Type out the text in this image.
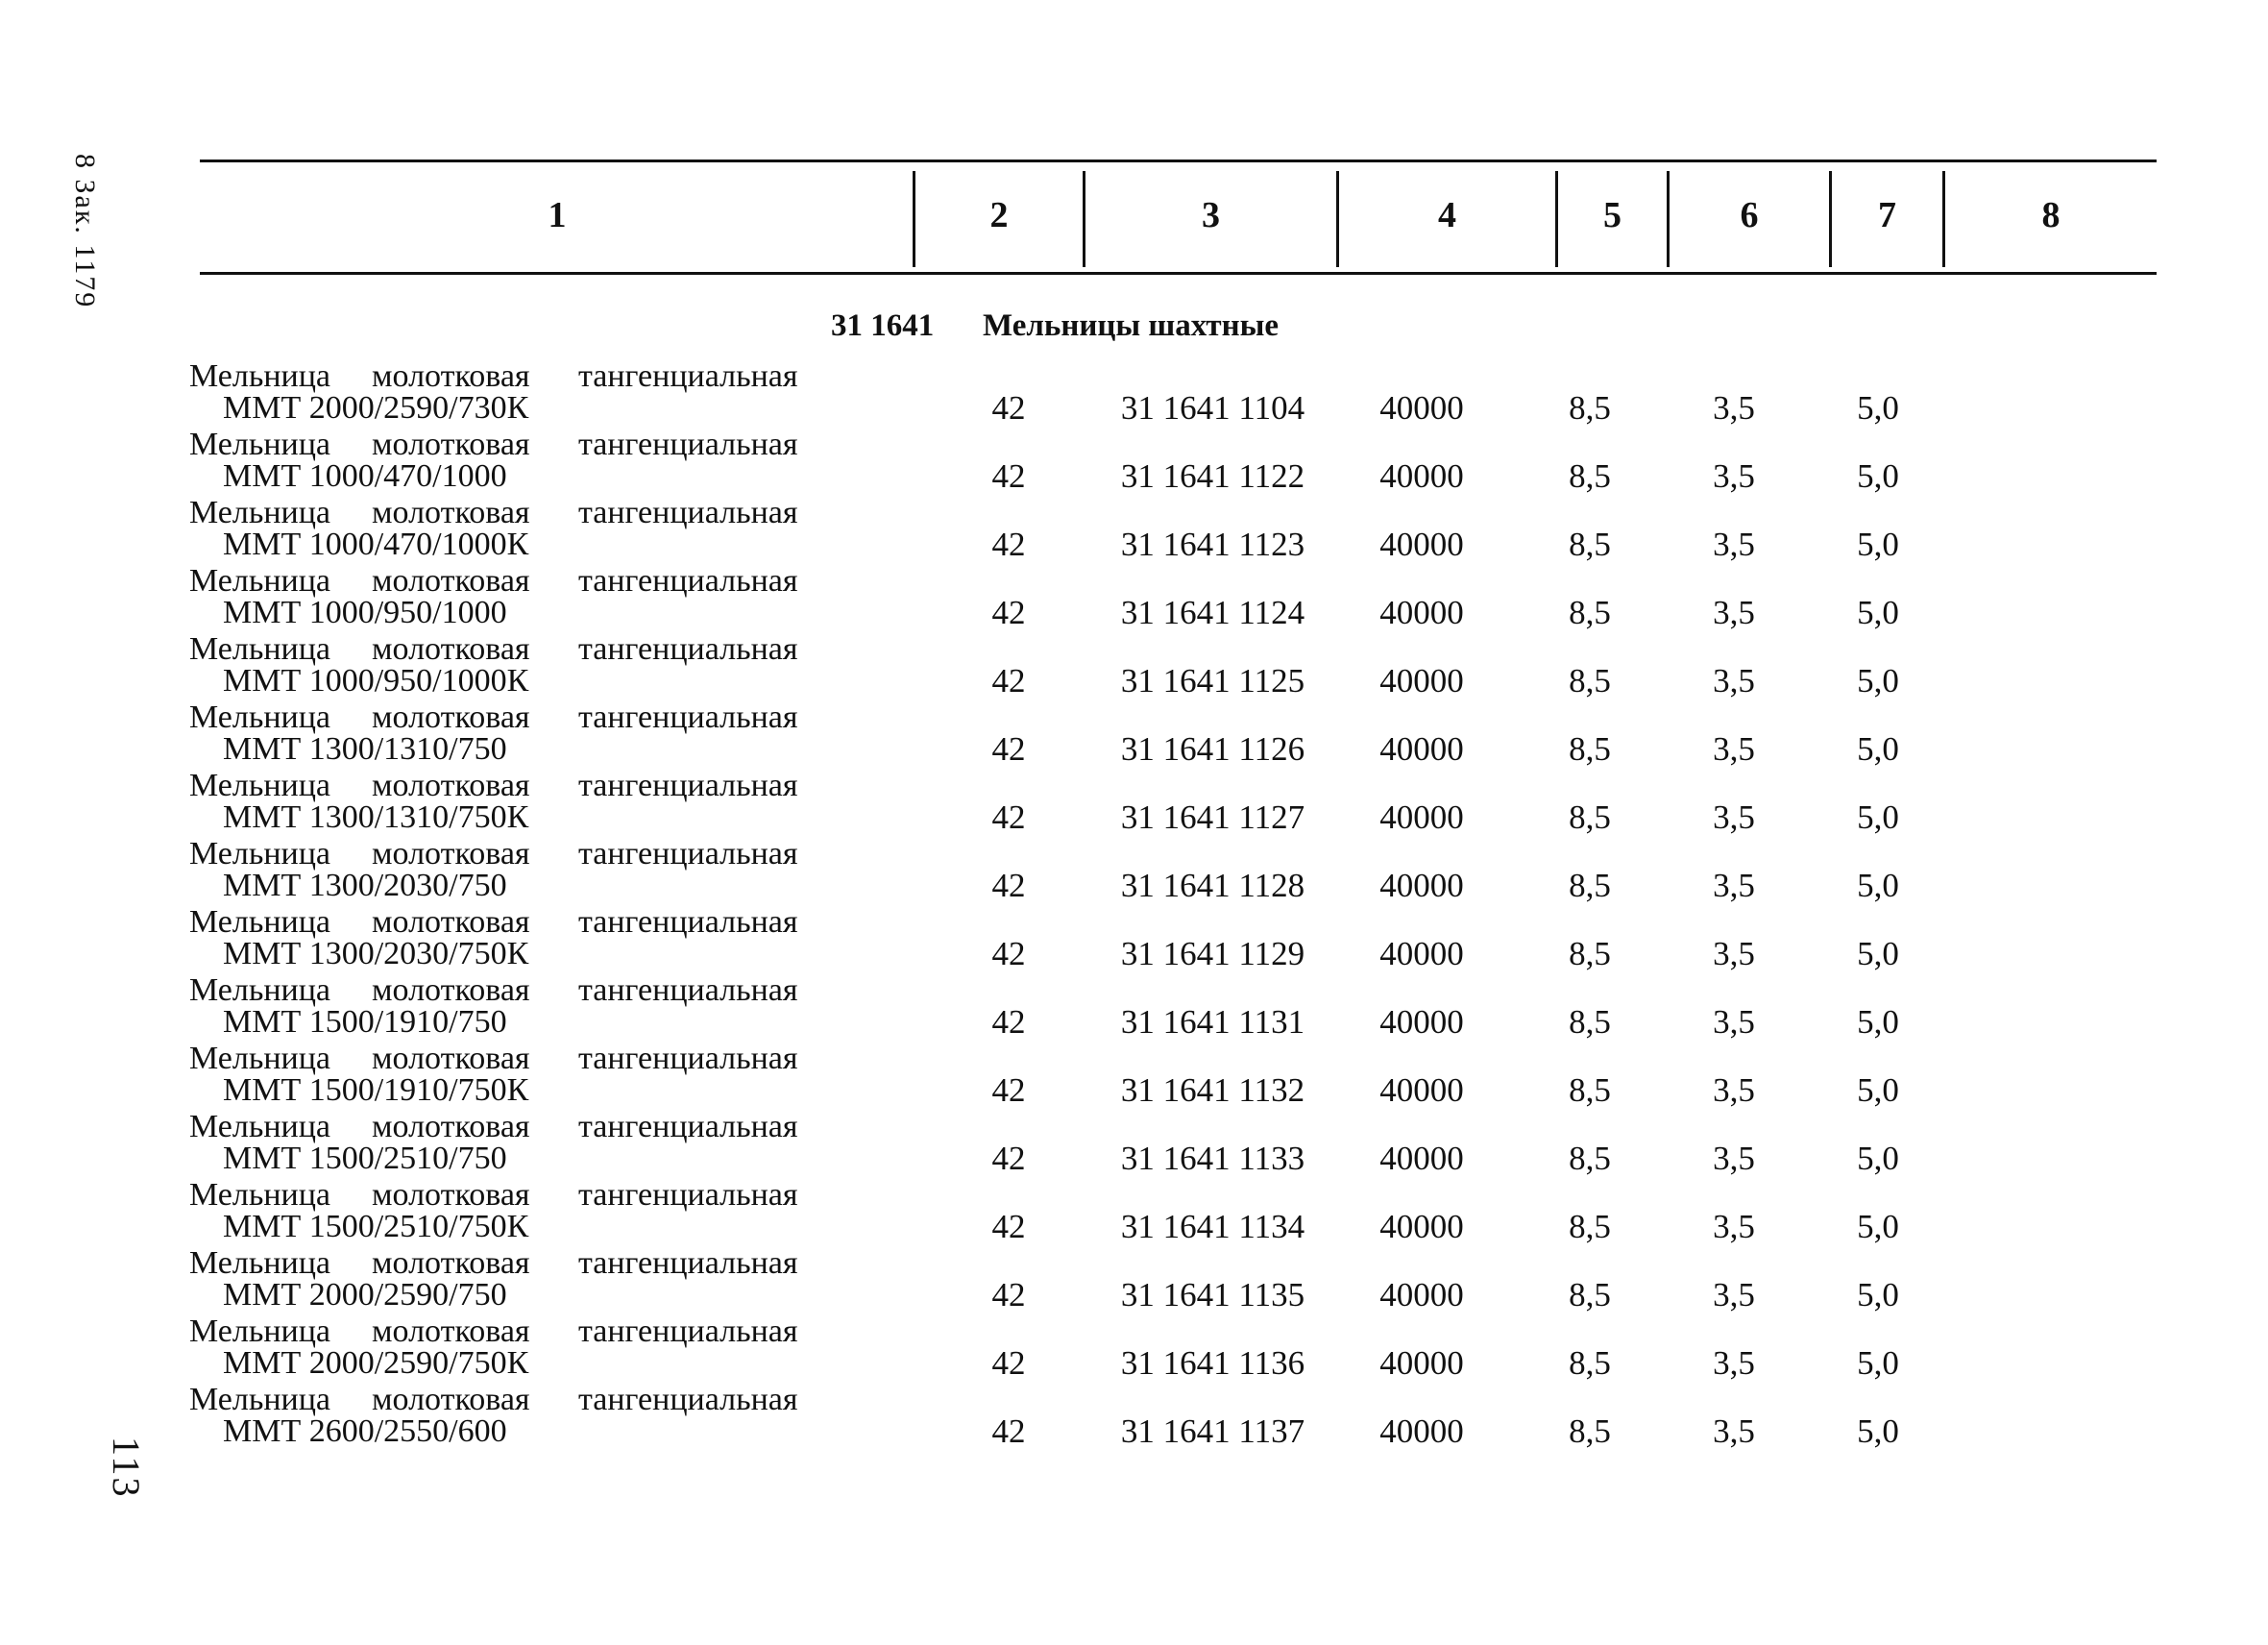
8 Зак. 1179
113
1	2	3	4	5	6	7	8
31 1641 Мельницы шахтные
Мельница молотковая тангенциальная
ММТ 2000/2590/730К	42	31 1641 1104	40000	8,5	3,5	5,0
Мельница молотковая тангенциальная
ММТ 1000/470/1000	42	31 1641 1122	40000	8,5	3,5	5,0
Мельница молотковая тангенциальная
ММТ 1000/470/1000К	42	31 1641 1123	40000	8,5	3,5	5,0
Мельница молотковая тангенциальная
ММТ 1000/950/1000	42	31 1641 1124	40000	8,5	3,5	5,0
Мельница молотковая тангенциальная
ММТ 1000/950/1000К	42	31 1641 1125	40000	8,5	3,5	5,0
Мельница молотковая тангенциальная
ММТ 1300/1310/750	42	31 1641 1126	40000	8,5	3,5	5,0
Мельница молотковая тангенциальная
ММТ 1300/1310/750К	42	31 1641 1127	40000	8,5	3,5	5,0
Мельница молотковая тангенциальная
ММТ 1300/2030/750	42	31 1641 1128	40000	8,5	3,5	5,0
Мельница молотковая тангенциальная
ММТ 1300/2030/750К	42	31 1641 1129	40000	8,5	3,5	5,0
Мельница молотковая тангенциальная
ММТ 1500/1910/750	42	31 1641 1131	40000	8,5	3,5	5,0
Мельница молотковая тангенциальная
ММТ 1500/1910/750К	42	31 1641 1132	40000	8,5	3,5	5,0
Мельница молотковая тангенциальная
ММТ 1500/2510/750	42	31 1641 1133	40000	8,5	3,5	5,0
Мельница молотковая тангенциальная
ММТ 1500/2510/750К	42	31 1641 1134	40000	8,5	3,5	5,0
Мельница молотковая тангенциальная
ММТ 2000/2590/750	42	31 1641 1135	40000	8,5	3,5	5,0
Мельница молотковая тангенциальная
ММТ 2000/2590/750К	42	31 1641 1136	40000	8,5	3,5	5,0
Мельница молотковая тангенциальная
ММТ 2600/2550/600	42	31 1641 1137	40000	8,5	3,5	5,0
